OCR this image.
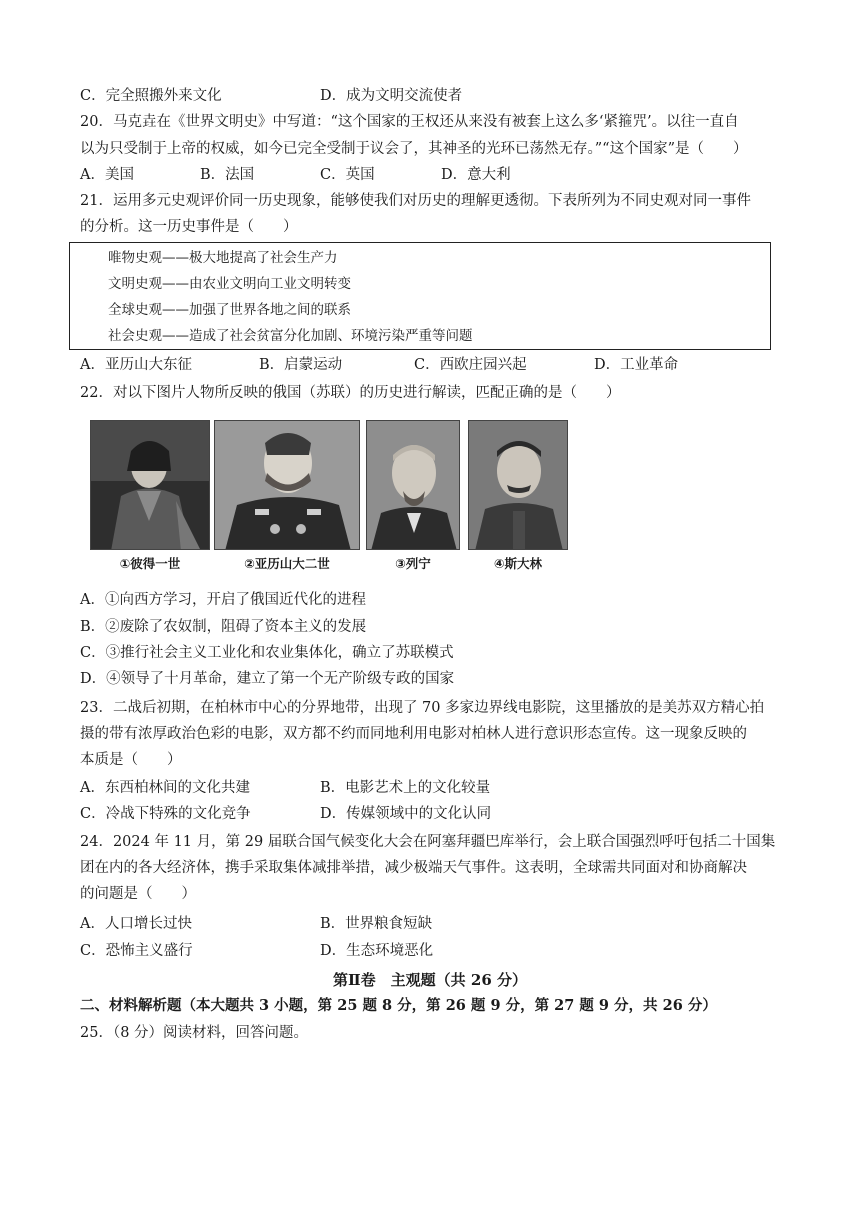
C．完全照搬外来文化	D．成为文明交流使者
20．马克垚在《世界文明史》中写道：“这个国家的王权还从来没有被套上这么多‘紧箍咒’。以往一直自
以为只受制于上帝的权威，如今已完全受制于议会了，其神圣的光环已荡然无存。”“这个国家”是（　　）
A．美国	B．法国	C．英国	D．意大利
21．运用多元史观评价同一历史现象，能够使我们对历史的理解更透彻。下表所列为不同史观对同一事件
的分析。这一历史事件是（　　）
唯物史观——极大地提高了社会生产力
文明史观——由农业文明向工业文明转变
全球史观——加强了世界各地之间的联系
社会史观——造成了社会贫富分化加剧、环境污染严重等问题
A．亚历山大东征	B．启蒙运动	C．西欧庄园兴起	D．工业革命
22．对以下图片人物所反映的俄国（苏联）的历史进行解读，匹配正确的是（　　）
①彼得一世	②亚历山大二世	③列宁	④斯大林
A．①向西方学习，开启了俄国近代化的进程
B．②废除了农奴制，阻碍了资本主义的发展
C．③推行社会主义工业化和农业集体化，确立了苏联模式
D．④领导了十月革命，建立了第一个无产阶级专政的国家
23．二战后初期，在柏林市中心的分界地带，出现了 70 多家边界线电影院，这里播放的是美苏双方精心拍
摄的带有浓厚政治色彩的电影，双方都不约而同地利用电影对柏林人进行意识形态宣传。这一现象反映的
本质是（　　）
A．东西柏林间的文化共建	B．电影艺术上的文化较量
C．冷战下特殊的文化竞争	D．传媒领域中的文化认同
24．2024 年 11 月，第 29 届联合国气候变化大会在阿塞拜疆巴库举行，会上联合国强烈呼吁包括二十国集
团在内的各大经济体，携手采取集体减排举措，减少极端天气事件。这表明，全球需共同面对和协商解决
的问题是（　　）
A．人口增长过快	B．世界粮食短缺
C．恐怖主义盛行	D．生态环境恶化
第Ⅱ卷　主观题（共 26 分）
二、材料解析题（本大题共 3 小题，第 25 题 8 分，第 26 题 9 分，第 27 题 9 分，共 26 分）
25．（8 分）阅读材料，回答问题。
